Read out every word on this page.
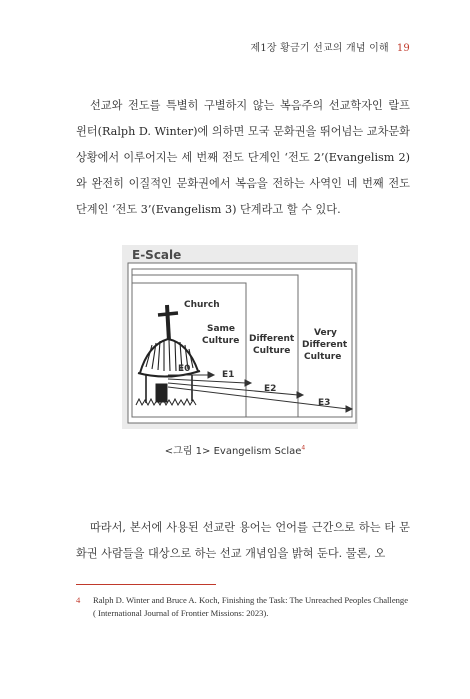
제1장 황금기 선교의 개념 이해 19

선교와 전도를 특별히 구별하지 않는 복음주의 선교학자인 랄프 윈터(Ralph D. Winter)에 의하면 모국 문화권을 뛰어넘는 교차문화 상황에서 이루어지는 세 번째 전도 단계인 ‘전도 2’(Evangelism 2)와 완전히 이질적인 문화권에서 복음을 전하는 사역인 네 번째 전도 단계인 ‘전도 3’(Evangelism 3) 단계라고 할 수 있다.

E-Scale
Church
Same
Culture Different
Culture
Very
Different
Culture
E0
E1
E2
E3
<그림 1> Evangelism Sclae$^4$

따라서, 본서에 사용된 선교란 용어는 언어를 근간으로 하는 타 문화권 사람들을 대상으로 하는 선교 개념임을 밝혀 둔다. 물론, 오

4 Ralph D. Winter and Bruce A. Koch, Finishing the Task: The Unreached Peoples Challenge ( International Journal of Frontier Missions: 2023).
